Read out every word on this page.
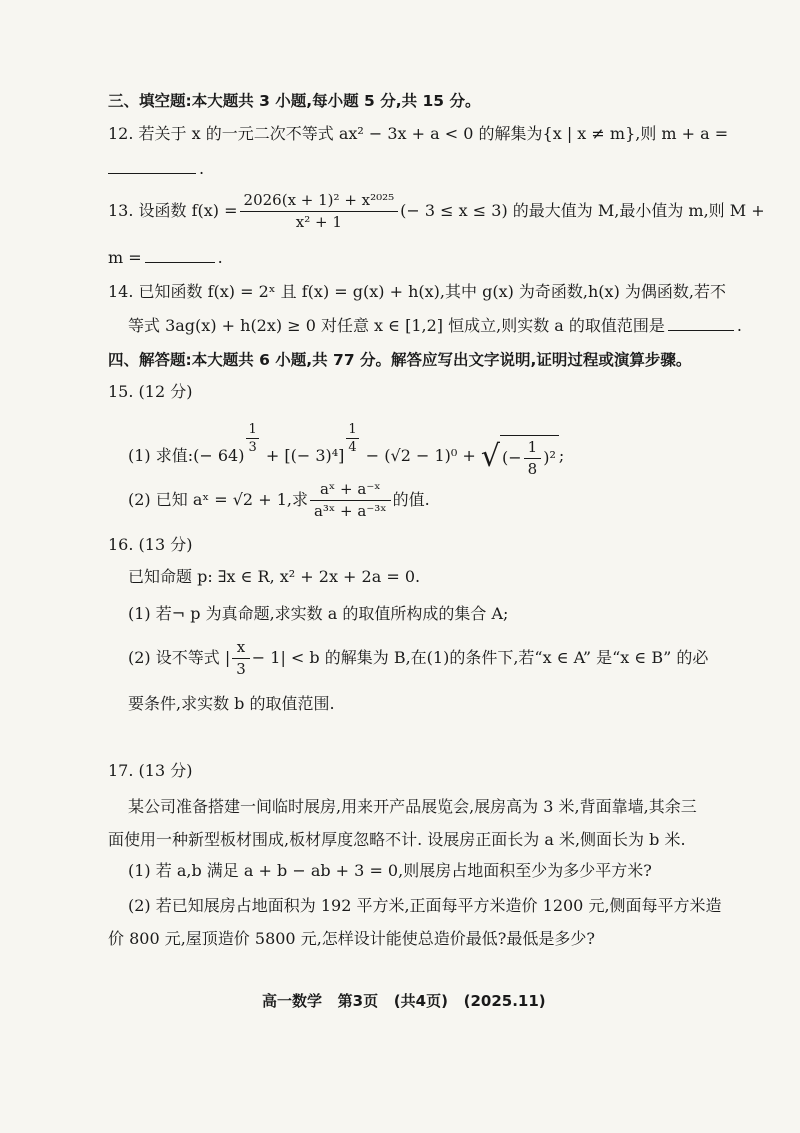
三、填空题:本大题共 3 小题,每小题 5 分,共 15 分。
12. 若关于 x 的一元二次不等式 ax² − 3x + a < 0 的解集为{x | x ≠ m},则 m + a =
.
13. 设函数 $f(x) = \frac{\text{2026(x + 1)² + x²⁰²⁵}}{\text{x² + 1}}$ (− 3 ≤ x ≤ 3) 的最大值为 M,最小值为 m,则 M +
m =	.
14. 已知函数 f(x) = 2ˣ 且 f(x) = g(x) + h(x),其中 g(x) 为奇函数,h(x) 为偶函数,若不
等式 3ag(x) + h(2x) ≥ 0 对任意 x ∈ [1,2] 恒成立,则实数 a 的取值范围是	.
四、解答题:本大题共 6 小题,共 77 分。解答应写出文字说明,证明过程或演算步骤。
15. (12 分)
(1) 求值:(− 64)
$\frac{1}{3}$
+ [(− 3)⁴]
$\frac{1}{4}$
− (√2 − 1)⁰ + √ (− $\frac{1}{8} )^2$ ;
(2) 已知 aˣ = √2 + 1,求 $\frac{\text{aˣ + a⁻ˣ}}{\text{a³ˣ + a⁻³ˣ}}$ 的值.
16. (13 分)
已知命题 p: ∃x ∈ R, x² + 2x + 2a = 0.
(1) 若¬ p 为真命题,求实数 a 的取值所构成的集合 A;
(2) 设不等式 | $\frac{x}{3} - 1| < b$ 的解集为 B,在(1)的条件下,若“x ∈ A” 是“x ∈ B” 的必
要条件,求实数 b 的取值范围.
17. (13 分)
某公司准备搭建一间临时展房,用来开产品展览会,展房高为 3 米,背面靠墙,其余三
面使用一种新型板材围成,板材厚度忽略不计. 设展房正面长为 a 米,侧面长为 b 米.
(1) 若 a,b 满足 a + b − ab + 3 = 0,则展房占地面积至少为多少平方米?
(2) 若已知展房占地面积为 192 平方米,正面每平方米造价 1200 元,侧面每平方米造
价 800 元,屋顶造价 5800 元,怎样设计能使总造价最低?最低是多少?
高一数学   第3页   (共4页)   (2025.11)
